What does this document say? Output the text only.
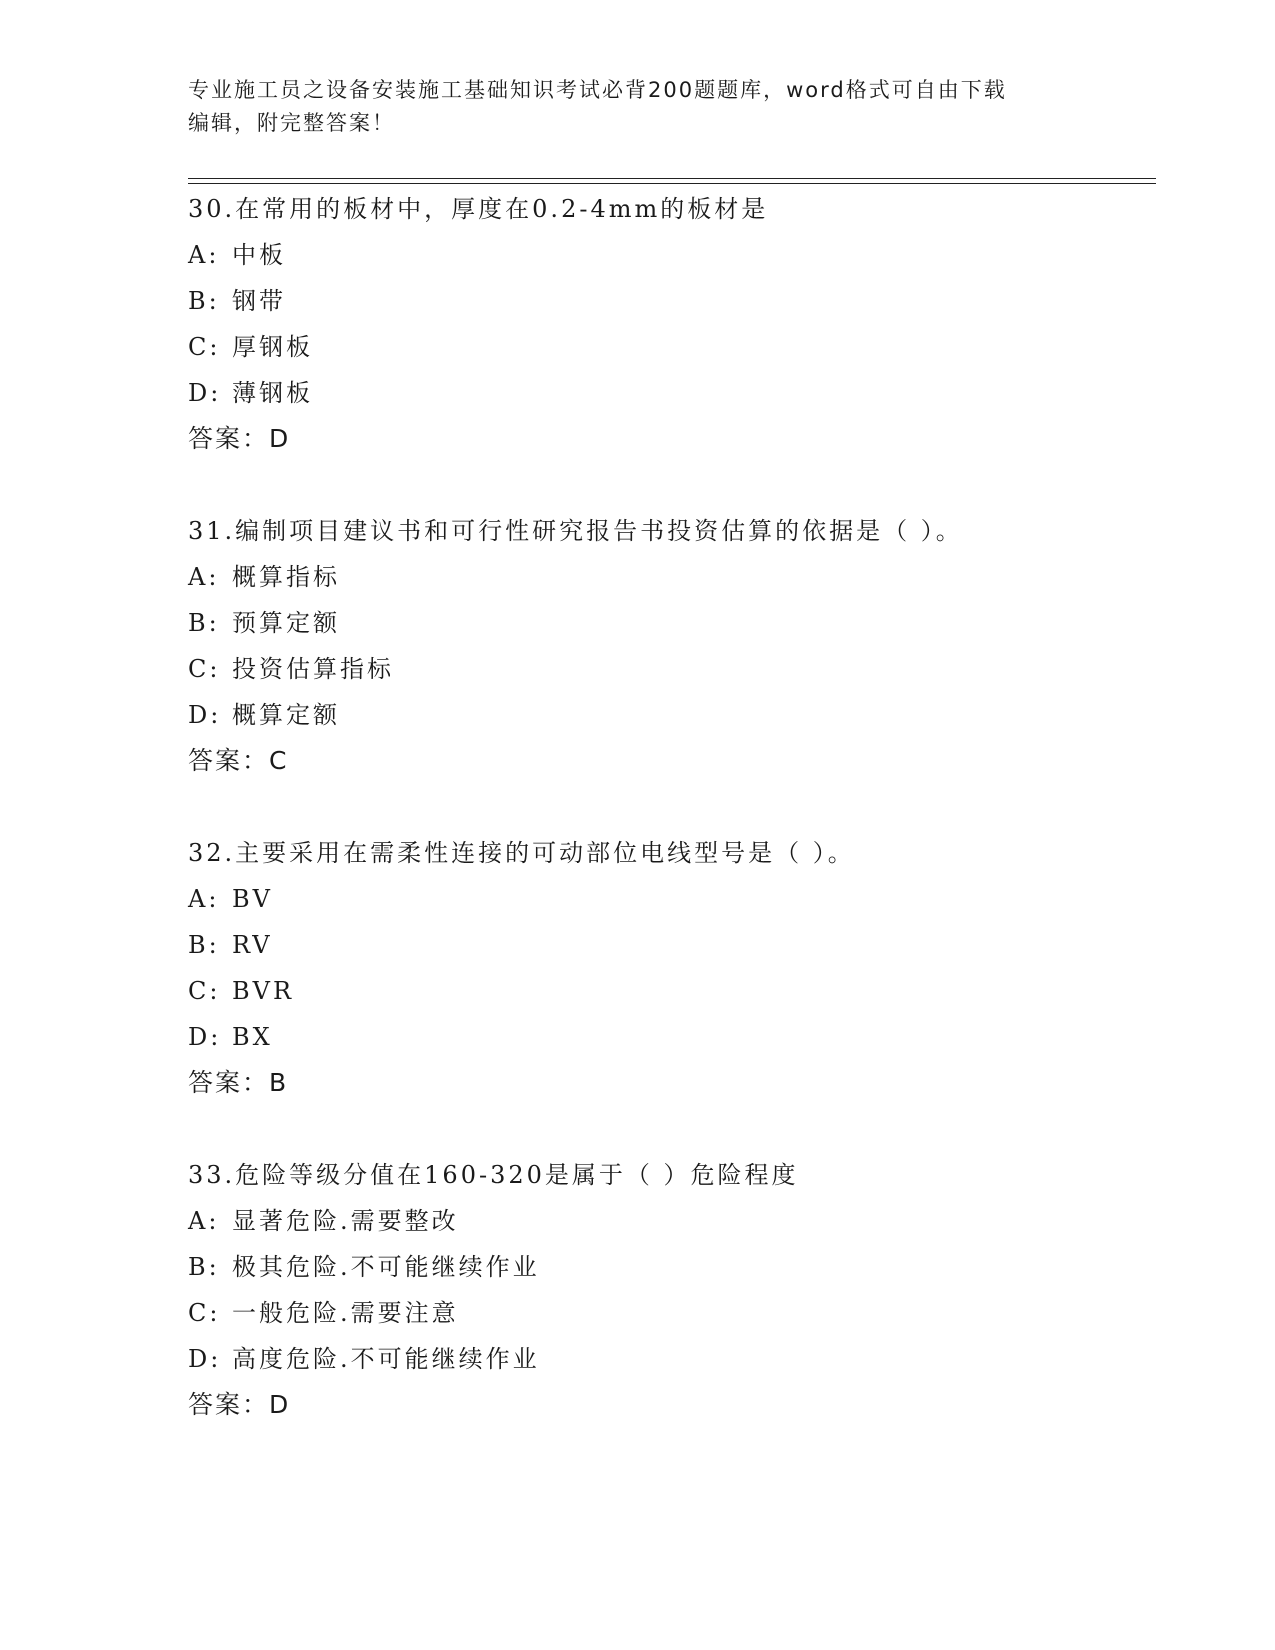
专业施工员之设备安装施工基础知识考试必背200题题库，word格式可自由下载
编辑，附完整答案！
30.在常用的板材中，厚度在0.2-4mm的板材是
A: 中板
B: 钢带
C: 厚钢板
D: 薄钢板
答案：D
31.编制项目建议书和可行性研究报告书投资估算的依据是（ ）。
A: 概算指标
B: 预算定额
C: 投资估算指标
D: 概算定额
答案：C
32.主要采用在需柔性连接的可动部位电线型号是（ ）。
A: BV
B: RV
C: BVR
D: BX
答案：B
33.危险等级分值在160-320是属于（ ）危险程度
A: 显著危险.需要整改
B: 极其危险.不可能继续作业
C: 一般危险.需要注意
D: 高度危险.不可能继续作业
答案：D
